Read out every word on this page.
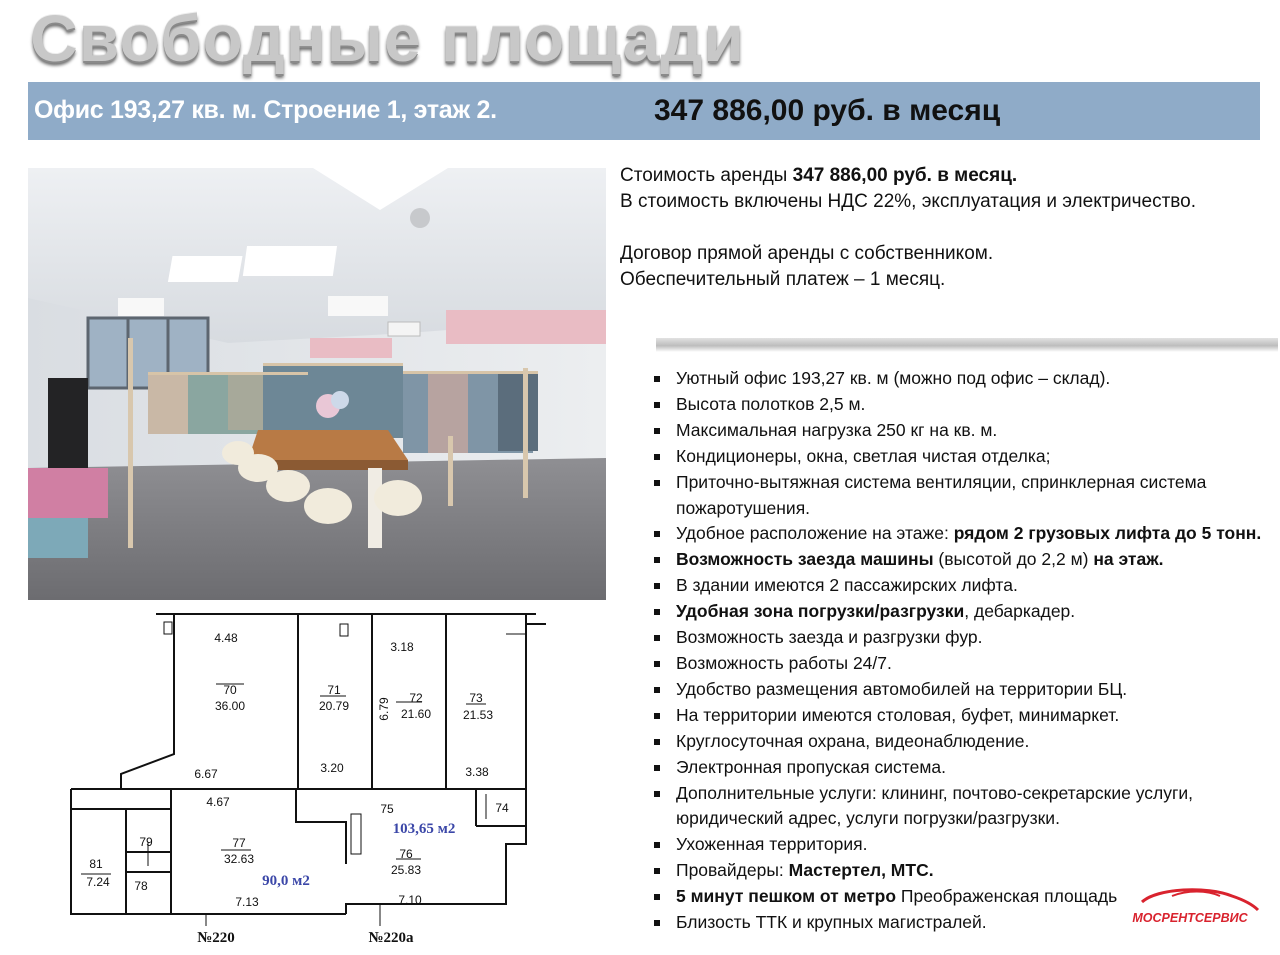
Свободные площади
Офис 193,27 кв. м. Строение 1, этаж 2.	347 886,00 руб. в месяц

Стоимость аренды 347 886,00 руб. в месяц.

В стоимость включены НДС 22%, эксплуатация и электричество.

Договор прямой аренды с собственником.

Обеспечительный платеж – 1 месяц.

Уютный офис 193,27 кв. м (можно под офис – склад).
Высота полотков 2,5 м.
Максимальная нагрузка 250 кг на кв. м.
Кондиционеры, окна, светлая чистая отделка;
Приточно-вытяжная система вентиляции, спринклерная система пожаротушения.
Удобное расположение на этаже: рядом 2 грузовых лифта до 5 тонн.
Возможность заезда машины (высотой до 2,2 м) на этаж.
В здании имеются 2 пассажирских лифта.
Удобная зона погрузки/разгрузки, дебаркадер.
Возможность заезда и разгрузки фур.
Возможность работы 24/7.
Удобство размещения автомобилей на территории БЦ.
На территории имеются столовая, буфет, минимаркет.
Круглосуточная охрана, видеонаблюдение.
Электронная пропуская система.
Дополнительные услуги: клининг, почтово-секретарские услуги, юридический адрес, услуги погрузки/разгрузки.
Ухоженная территория.
Провайдеры: Мастертел, МТС.
5 минут пешком от метро Преображенская площадь
Близость ТТК и крупных магистралей.
4.48
3.18
6.79
6.67	3.20	3.38
4.67
7.13	7.10
70
36.00
71
20.79
72
21.60
73
21.53
77
32.63	76
25.83
81
7.24
79
78
75	74
90,0 м2
103,65 м2
№220	№220а
МОСРЕНТСЕРВИС
